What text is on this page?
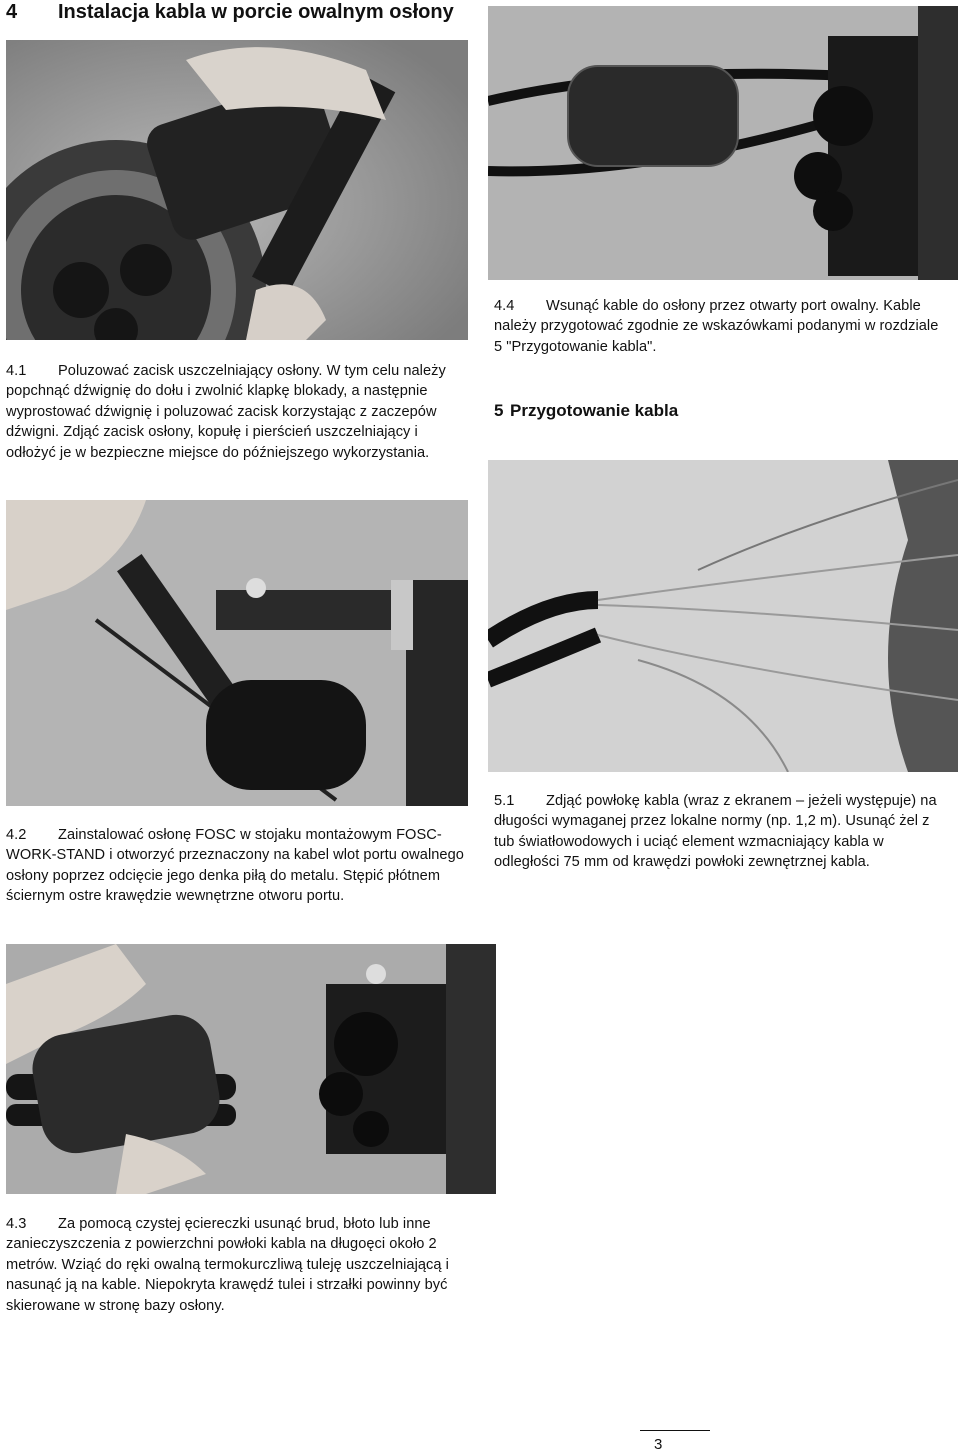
4 Instalacja kabla w porcie owalnym osłony

4.1 Poluzować zacisk uszczelniający osłony. W tym celu należy popchnąć dźwignię do dołu i zwolnić klapkę blokady, a następnie wyprostować dźwignię i poluzować zacisk korzystając z zaczepów dźwigni. Zdjąć zacisk osłony, kopułę i pierścień uszczelniający i odłożyć je w bezpieczne miejsce do późniejszego wykorzystania.

4.4 Wsunąć kable do osłony przez otwarty port owalny. Kable należy przygotować zgodnie ze wskazówkami podanymi w rozdziale 5 "Przygotowanie kabla".

5 Przygotowanie kabla

4.2 Zainstalować osłonę FOSC w stojaku montażowym FOSC-WORK-STAND i otworzyć przeznaczony na kabel wlot portu owalnego osłony poprzez odcięcie jego denka piłą do metalu. Stępić płótnem ściernym ostre krawędzie wewnętrzne otworu portu.

5.1 Zdjąć powłokę kabla (wraz z ekranem – jeżeli występuje) na długości wymaganej przez lokalne normy (np. 1,2 m). Usunąć żel z tub światłowodowych i uciąć element wzmacniający kabla w odległości 75 mm od krawędzi powłoki zewnętrznej kabla.

4.3 Za pomocą czystej ęciereczki usunąć brud, błoto lub inne zanieczyszczenia z powierzchni powłoki kabla na długoęci około 2 metrów. Wziąć do ręki owalną termokurczliwą tuleję uszczelniającą i nasunąć ją na kable. Niepokryta krawędź tulei i strzałki powinny być skierowane w stronę bazy osłony.

3
